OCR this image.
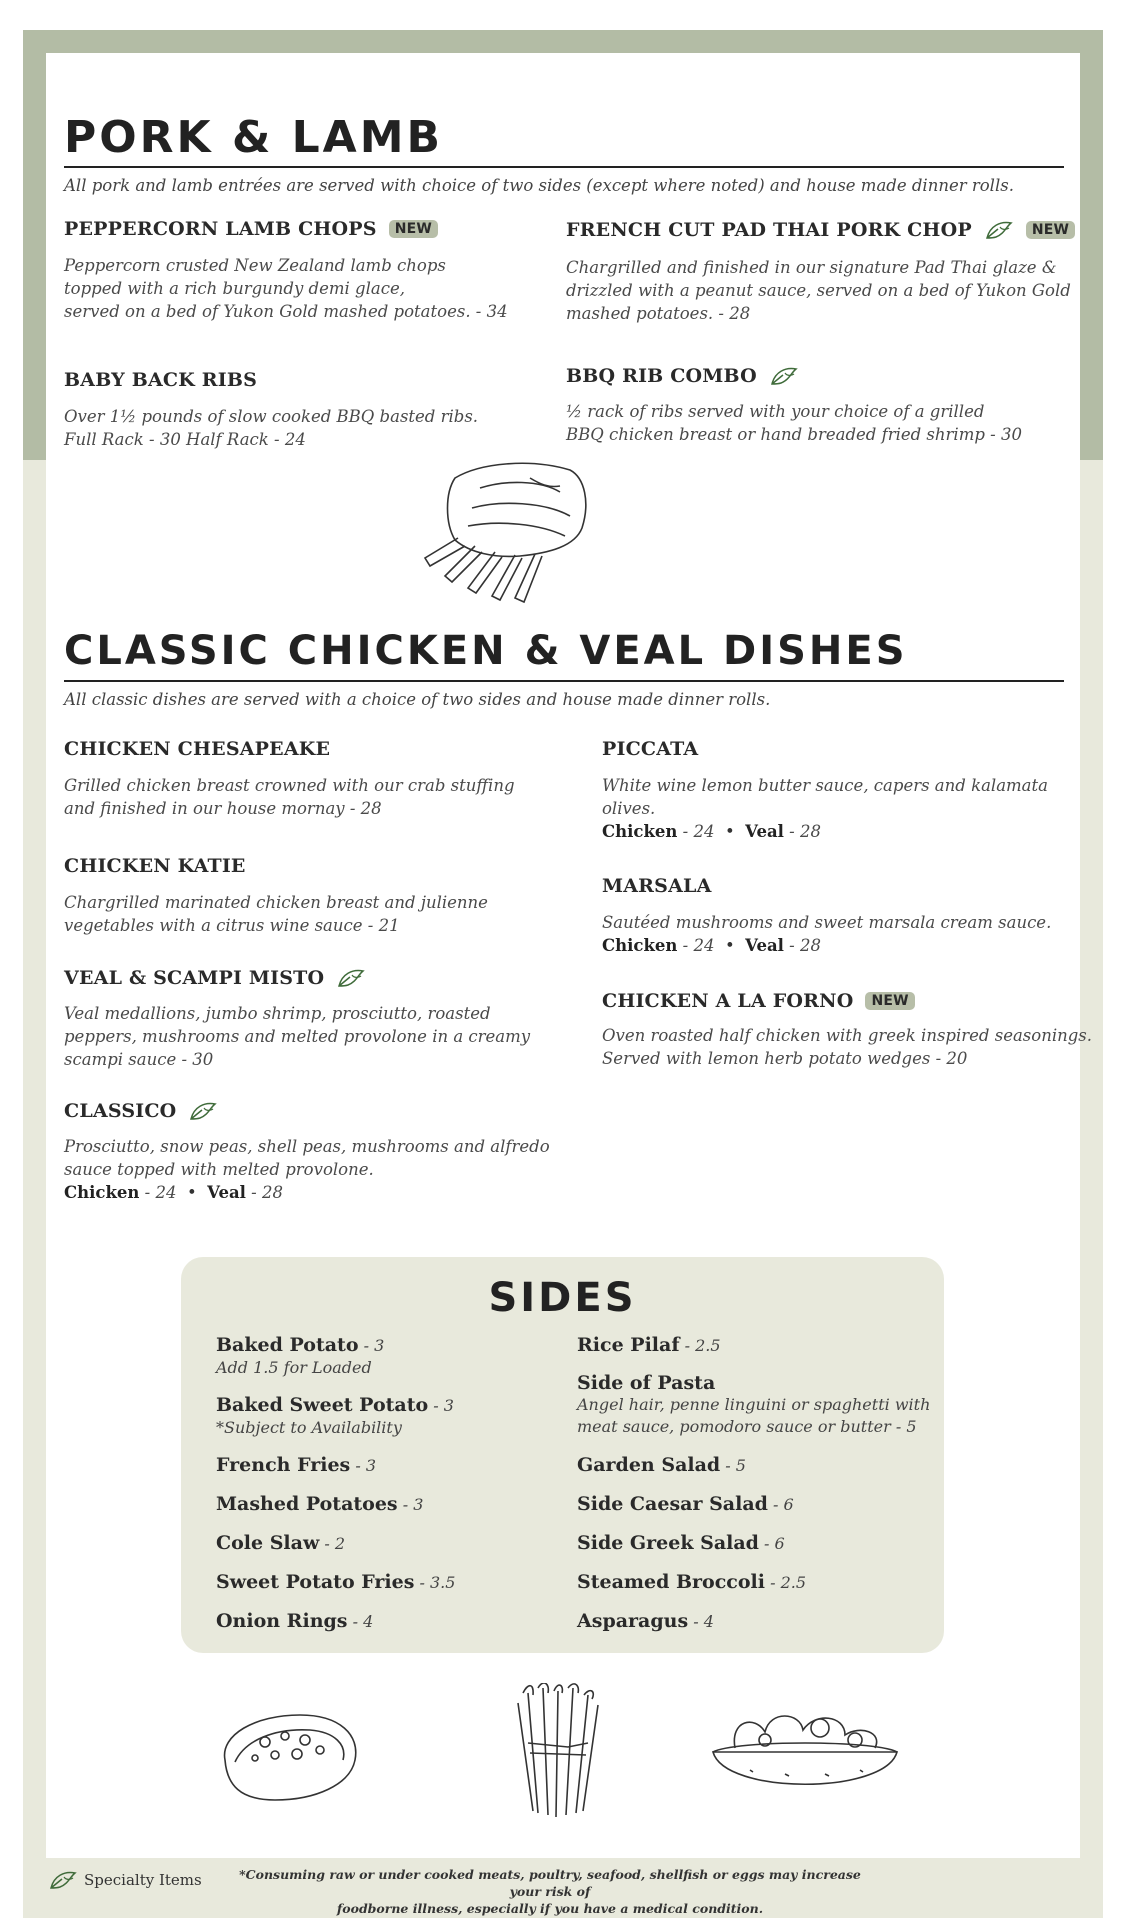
PORK & LAMB
All pork and lamb entrées are served with choice of two sides (except where noted) and house made dinner rolls.
PEPPERCORN LAMB CHOPS	NEW
Peppercorn crusted New Zealand lamb chops
topped with a rich burgundy demi glace,
served on a bed of Yukon Gold mashed potatoes. - 34
FRENCH CUT PAD THAI PORK CHOP	NEW
Chargrilled and finished in our signature Pad Thai glaze &
drizzled with a peanut sauce, served on a bed of Yukon Gold
mashed potatoes. - 28
BABY BACK RIBS
Over 1½ pounds of slow cooked BBQ basted ribs.
Full Rack - 30 Half Rack - 24
BBQ RIB COMBO
½ rack of ribs served with your choice of a grilled
BBQ chicken breast or hand breaded fried shrimp - 30
CLASSIC CHICKEN & VEAL DISHES
All classic dishes are served with a choice of two sides and house made dinner rolls.
CHICKEN CHESAPEAKE
Grilled chicken breast crowned with our crab stuffing
and finished in our house mornay - 28
CHICKEN KATIE
Chargrilled marinated chicken breast and julienne
vegetables with a citrus wine sauce - 21
VEAL & SCAMPI MISTO
Veal medallions, jumbo shrimp, prosciutto, roasted
peppers, mushrooms and melted provolone in a creamy
scampi sauce - 30
CLASSICO
Prosciutto, snow peas, shell peas, mushrooms and alfredo
sauce topped with melted provolone.
Chicken - 24 • Veal - 28
PICCATA
White wine lemon butter sauce, capers and kalamata
olives.
Chicken - 24 • Veal - 28
MARSALA
Sautéed mushrooms and sweet marsala cream sauce.
Chicken - 24 • Veal - 28
CHICKEN A LA FORNO	NEW
Oven roasted half chicken with greek inspired seasonings.
Served with lemon herb potato wedges - 20
SIDES
Baked Potato - 3
Add 1.5 for Loaded
Baked Sweet Potato - 3
*Subject to Availability
French Fries - 3
Mashed Potatoes - 3
Cole Slaw - 2
Sweet Potato Fries - 3.5
Onion Rings - 4
Rice Pilaf - 2.5
Side of Pasta
Angel hair, penne linguini or spaghetti with
meat sauce, pomodoro sauce or butter - 5
Garden Salad - 5
Side Caesar Salad - 6
Side Greek Salad - 6
Steamed Broccoli - 2.5
Asparagus - 4
Specialty Items	*Consuming raw or under cooked meats, poultry, seafood, shellfish or eggs may increase your risk of
foodborne illness, especially if you have a medical condition.
